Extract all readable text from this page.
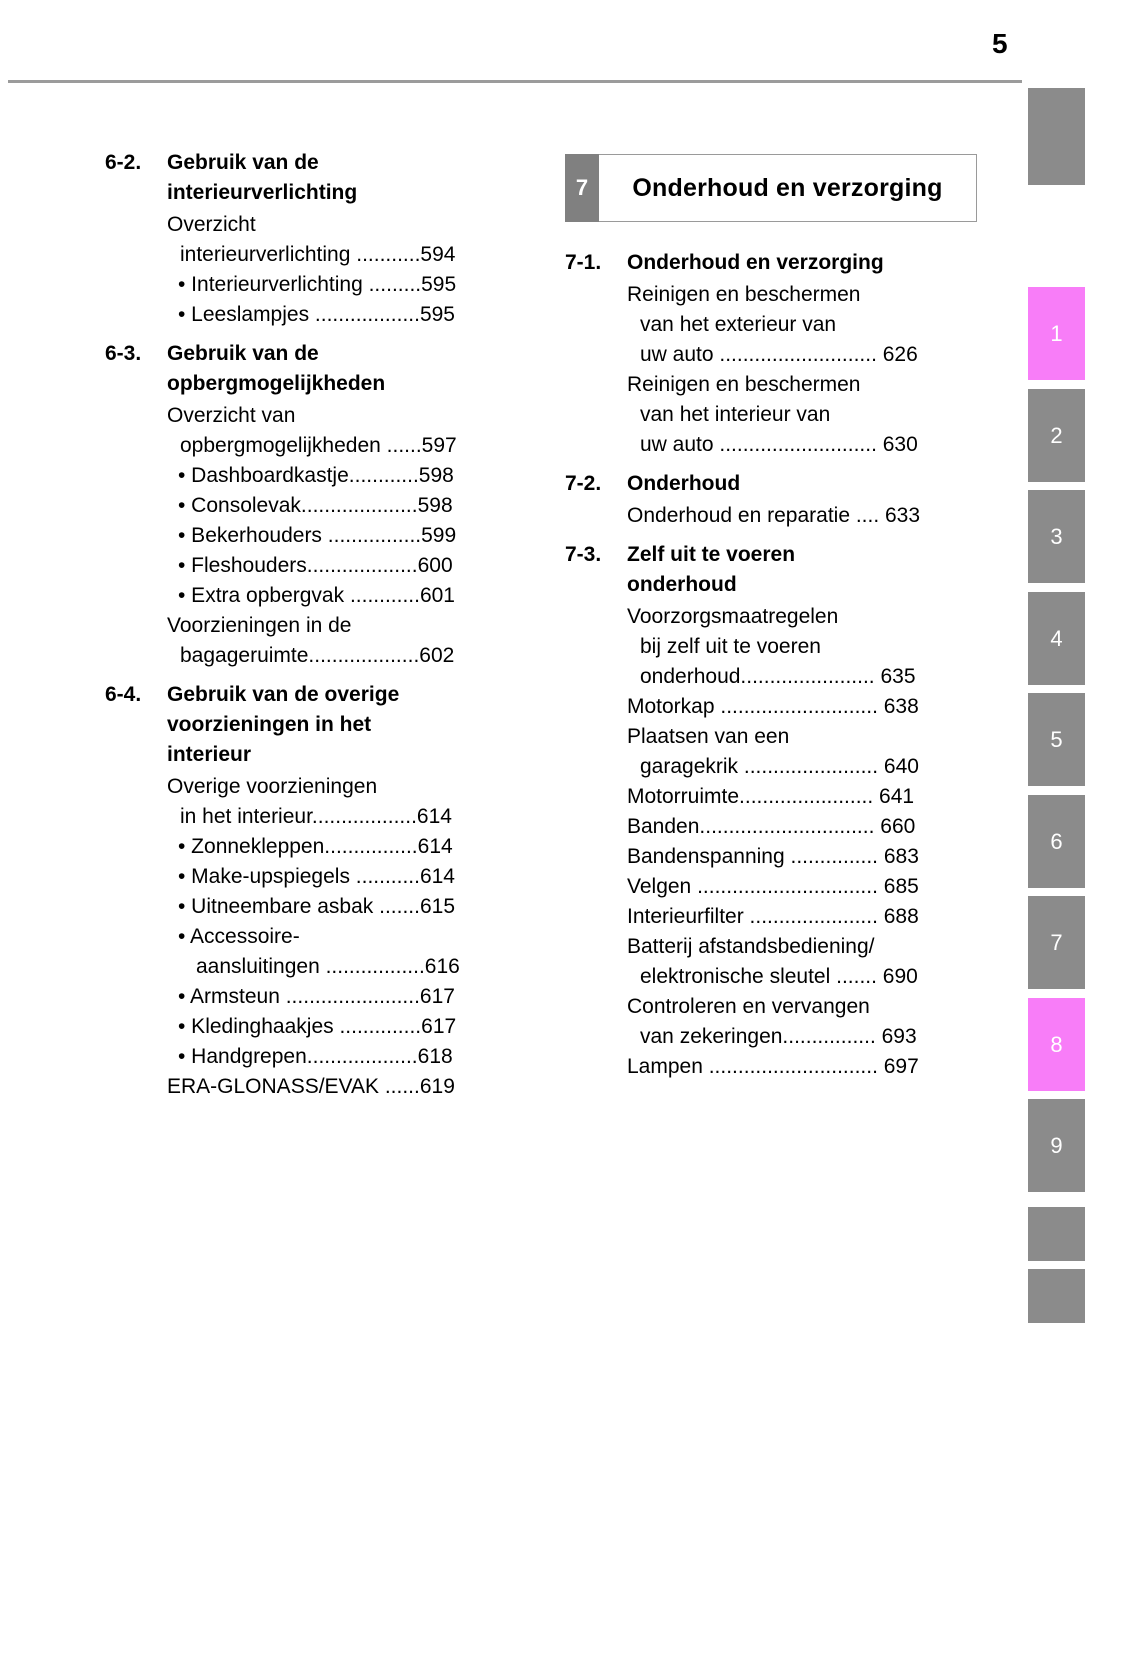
5
6-2.	Gebruik van de
interieurverlichting
Overzicht
interieurverlichting ...........594
• Interieurverlichting .........595
• Leeslampjes ..................595
6-3.	Gebruik van de
opbergmogelijkheden
Overzicht van
opbergmogelijkheden ......597
• Dashboardkastje............598
• Consolevak....................598
• Bekerhouders ................599
• Fleshouders...................600
• Extra opbergvak ............601
Voorzieningen in de
bagageruimte...................602
6-4.	Gebruik van de overige
voorzieningen in het
interieur
Overige voorzieningen
in het interieur..................614
• Zonnekleppen................614
• Make-upspiegels ...........614
• Uitneembare asbak .......615
• Accessoire-
aansluitingen .................616
• Armsteun .......................617
• Kledinghaakjes ..............617
• Handgrepen...................618
ERA-GLONASS/EVAK ......619
7	Onderhoud en verzorging
7-1.	Onderhoud en verzorging
Reinigen en beschermen
van het exterieur van
uw auto ........................... 626
Reinigen en beschermen
van het interieur van
uw auto ........................... 630
7-2.	Onderhoud
Onderhoud en reparatie .... 633
7-3.	Zelf uit te voeren
onderhoud
Voorzorgsmaatregelen
bij zelf uit te voeren
onderhoud....................... 635
Motorkap ........................... 638
Plaatsen van een
garagekrik ....................... 640
Motorruimte....................... 641
Banden.............................. 660
Bandenspanning ............... 683
Velgen ............................... 685
Interieurfilter ...................... 688
Batterij afstandsbediening/
elektronische sleutel ....... 690
Controleren en vervangen
van zekeringen................ 693
Lampen ............................. 697
1
2
3
4
5
6
7
8
9
